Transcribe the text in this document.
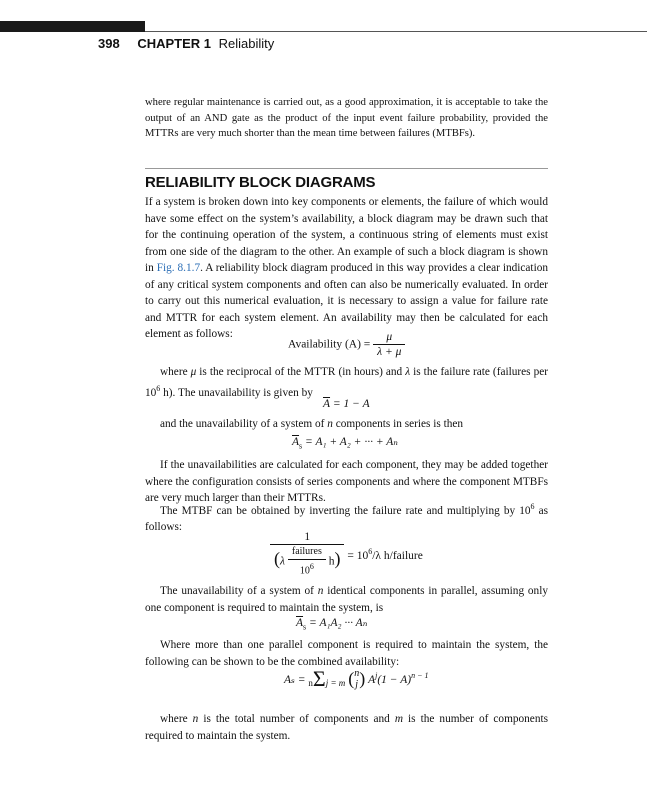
398 CHAPTER 1 Reliability
where regular maintenance is carried out, as a good approximation, it is acceptable to take the output of an AND gate as the product of the input event failure probability, provided the MTTRs are very much shorter than the mean time between failures (MTBFs).
RELIABILITY BLOCK DIAGRAMS
If a system is broken down into key components or elements, the failure of which would have some effect on the system’s availability, a block diagram may be drawn such that for the continuing operation of the system, a continuous string of elements must exist from one side of the diagram to the other. An example of such a block diagram is shown in Fig. 8.1.7. A reliability block diagram produced in this way provides a clear indication of any critical system components and often can also be numerically evaluated. In order to carry out this numerical evaluation, it is necessary to assign a value for failure rate and MTTR for each system element. An availability may then be calculated for each element as follows:
Availability $(A) = \frac{\mu}{\lambda + \mu}$
where μ is the reciprocal of the MTTR (in hours) and λ is the failure rate (failures per $10^6$ h). The unavailability is given by
$\overline{A} = 1 - A$
and the unavailability of a system of n components in series is then
$\overline{A}_s = A_1 + A_2$ + ··· + Aₙ
If the unavailabilities are calculated for each component, they may be added together where the configuration consists of series components and where the component MTBFs are very much larger than their MTTRs.
The MTBF can be obtained by inverting the failure rate and multiplying by $10^6$ as follows:
$\frac{1}{(\lambda \frac{\text{failures}}{10^6} h)} = 10^6/\lambda$ h/failure
The unavailability of a system of n identical components in parallel, assuming only one component is required to maintain the system, is
$\overline{A}_s = A_1A_2$ ··· Aₙ
Where more than one parallel component is required to maintain the system, the following can be shown to be the combined availability:
Aₛ = nΣj = m ( n
j ) $A^j(1 - A)^{n - 1}$
where n is the total number of components and m is the number of components required to maintain the system.
